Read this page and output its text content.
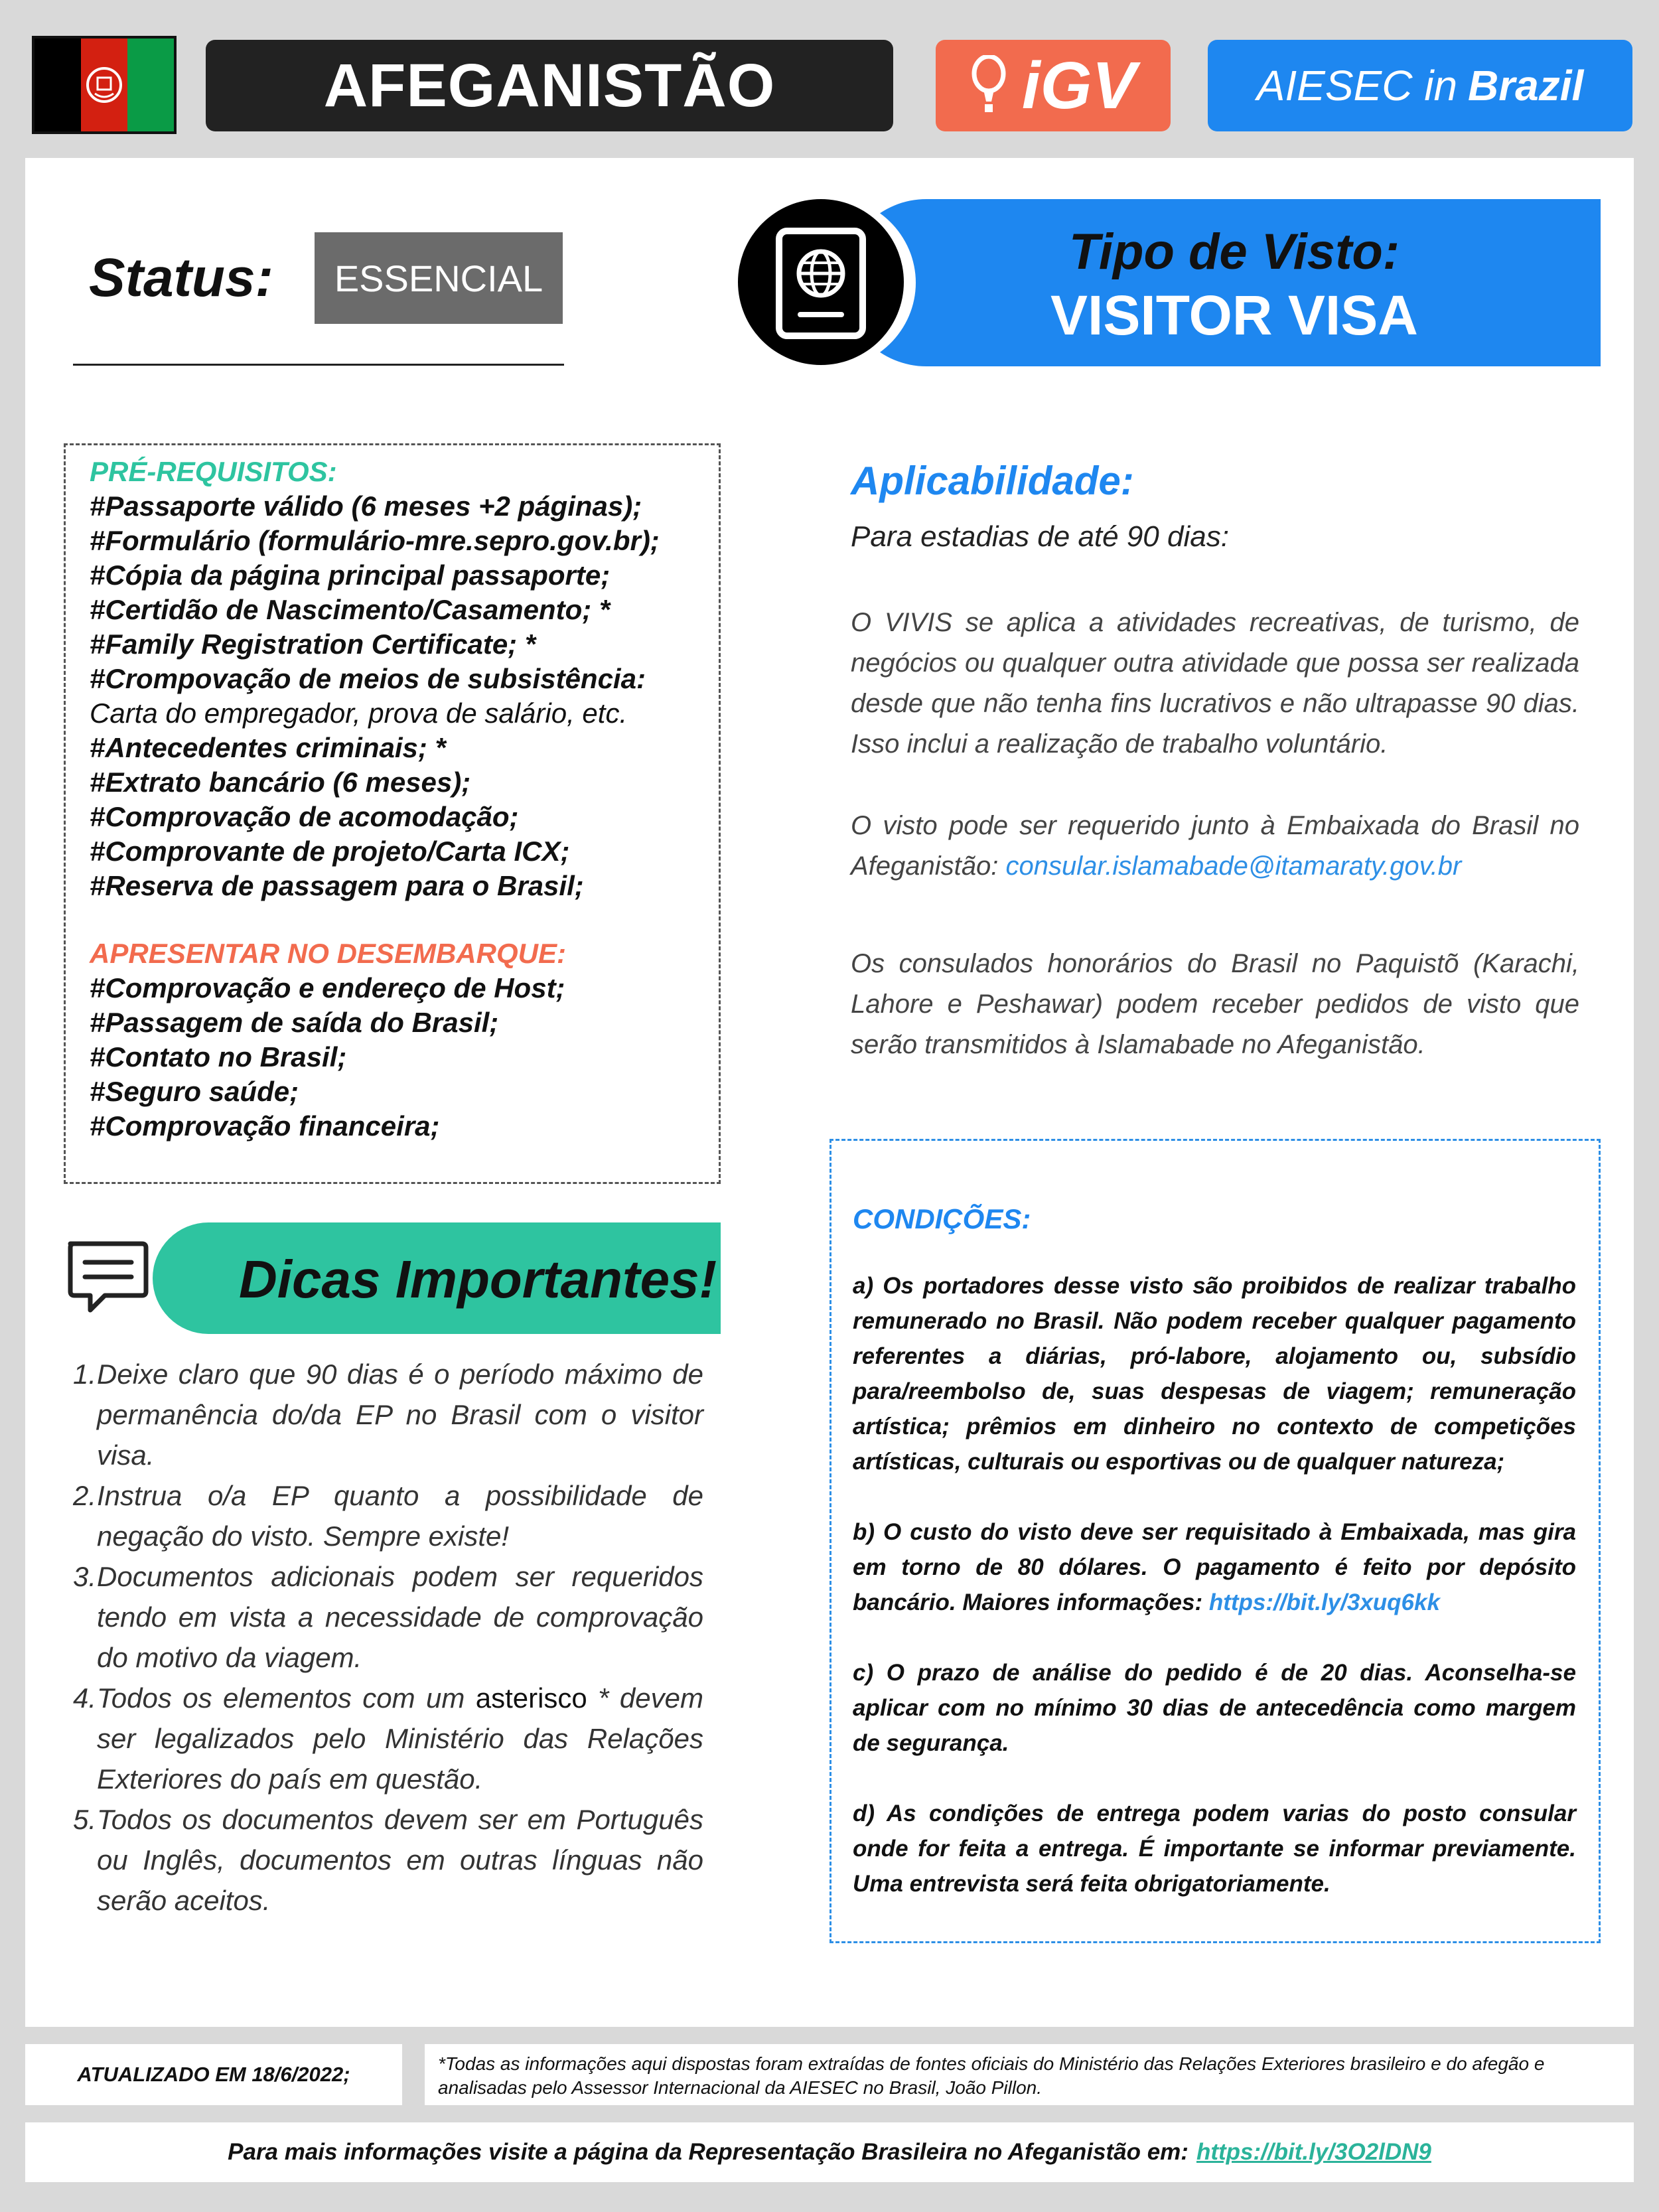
AFEGANISTÃO	iGV	AIESEC in Brazil
Status: ESSENCIAL	Tipo de Visto:
VISITOR VISA
PRÉ-REQUISITOS:
#Passaporte válido (6 meses +2 páginas);
#Formulário (formulário-mre.sepro.gov.br);
#Cópia da página principal passaporte;
#Certidão de Nascimento/Casamento; *
#Family Registration Certificate; *
#Crompovação de meios de subsistência:
Carta do empregador, prova de salário, etc.
#Antecedentes criminais; *
#Extrato bancário (6 meses);
#Comprovação de acomodação;
#Comprovante de projeto/Carta ICX;
#Reserva de passagem para o Brasil;
APRESENTAR NO DESEMBARQUE:
#Comprovação e endereço de Host;
#Passagem de saída do Brasil;
#Contato no Brasil;
#Seguro saúde;
#Comprovação financeira;
Dicas Importantes!
1. Deixe claro que 90 dias é o período máximo de permanência do/da EP no Brasil com o visitor visa.
2. Instrua o/a EP quanto a possibilidade de negação do visto. Sempre existe!
3. Documentos adicionais podem ser requeridos tendo em vista a necessidade de comprovação do motivo da viagem.
4. Todos os elementos com um asterisco * devem ser legalizados pelo Ministério das Relações Exteriores do país em questão.
5. Todos os documentos devem ser em Português ou Inglês, documentos em outras línguas não serão aceitos.
Aplicabilidade:
Para estadias de até 90 dias:
O VIVIS se aplica a atividades recreativas, de turismo, de negócios ou qualquer outra atividade que possa ser realizada desde que não tenha fins lucrativos e não ultrapasse 90 dias. Isso inclui a realização de trabalho voluntário.
O visto pode ser requerido junto à Embaixada do Brasil no Afeganistão: consular.islamabade@itamaraty.gov.br
Os consulados honorários do Brasil no Paquistõ (Karachi, Lahore e Peshawar) podem receber pedidos de visto que serão transmitidos à Islamabade no Afeganistão.
CONDIÇÕES:
a) Os portadores desse visto são proibidos de realizar trabalho remunerado no Brasil. Não podem receber qualquer pagamento referentes a diárias, pró-labore, alojamento ou, subsídio para/reembolso de, suas despesas de viagem; remuneração artística; prêmios em dinheiro no contexto de competições artísticas, culturais ou esportivas ou de qualquer natureza;
b) O custo do visto deve ser requisitado à Embaixada, mas gira em torno de 80 dólares. O pagamento é feito por depósito bancário. Maiores informações: https://bit.ly/3xuq6kk
c) O prazo de análise do pedido é de 20 dias. Aconselha-se aplicar com no mínimo 30 dias de antecedência como margem de segurança.
d) As condições de entrega podem varias do posto consular onde for feita a entrega. É importante se informar previamente. Uma entrevista será feita obrigatoriamente.
ATUALIZADO EM 18/6/2022;	*Todas as informações aqui dispostas foram extraídas de fontes oficiais do Ministério das Relações Exteriores brasileiro e do afegão e analisadas pelo Assessor Internacional da AIESEC no Brasil, João Pillon.
Para mais informações visite a página da Representação Brasileira no Afeganistão em: https://bit.ly/3O2lDN9
